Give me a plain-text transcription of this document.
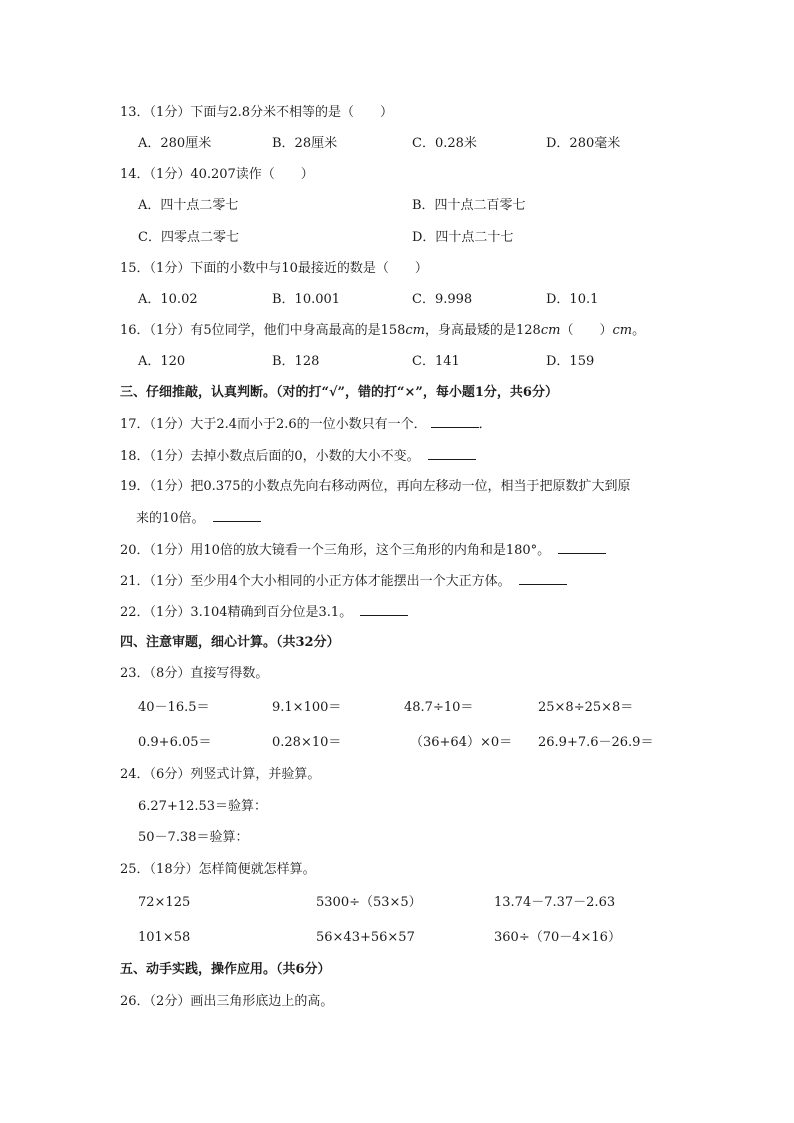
13．（1分）下面与2.8分米不相等的是（　　）
A．280厘米	B．28厘米	C．0.28米	D．280毫米
14．（1分）40.207读作（　　）
A．四十点二零七	B．四十点二百零七
C．四零点二零七	D．四十点二十七
15．（1分）下面的小数中与10最接近的数是（　　）
A．10.02	B．10.001	C．9.998	D．10.1
16．（1分）有5位同学，他们中身高最高的是158cm，身高最矮的是128cm（　　）cm。
A．120	B．128	C．141	D．159
三、仔细推敲，认真判断。（对的打“√”，错的打“×”，每小题1分，共6分）
17．（1分）大于2.4而小于2.6的一位小数只有一个．	．
18．（1分）去掉小数点后面的0，小数的大小不变。
19．（1分）把0.375的小数点先向右移动两位，再向左移动一位，相当于把原数扩大到原
来的10倍。
20．（1分）用10倍的放大镜看一个三角形，这个三角形的内角和是180°。
21．（1分）至少用4个大小相同的小正方体才能摆出一个大正方体。
22．（1分）3.104精确到百分位是3.1。
四、注意审题，细心计算。（共32分）
23．（8分）直接写得数。
40－16.5＝	9.1×100＝	48.7÷10＝	25×8÷25×8＝
0.9+6.05＝	0.28×10＝	（36+64）×0＝ 26.9+7.6－26.9＝
24．（6分）列竖式计算，并验算。
6.27+12.53＝验算：
50－7.38＝验算：
25．（18分）怎样简便就怎样算。
72×125	5300÷（53×5）	13.74－7.37－2.63
101×58	56×43+56×57	360÷（70－4×16）
五、动手实践，操作应用。（共6分）
26．（2分）画出三角形底边上的高。
